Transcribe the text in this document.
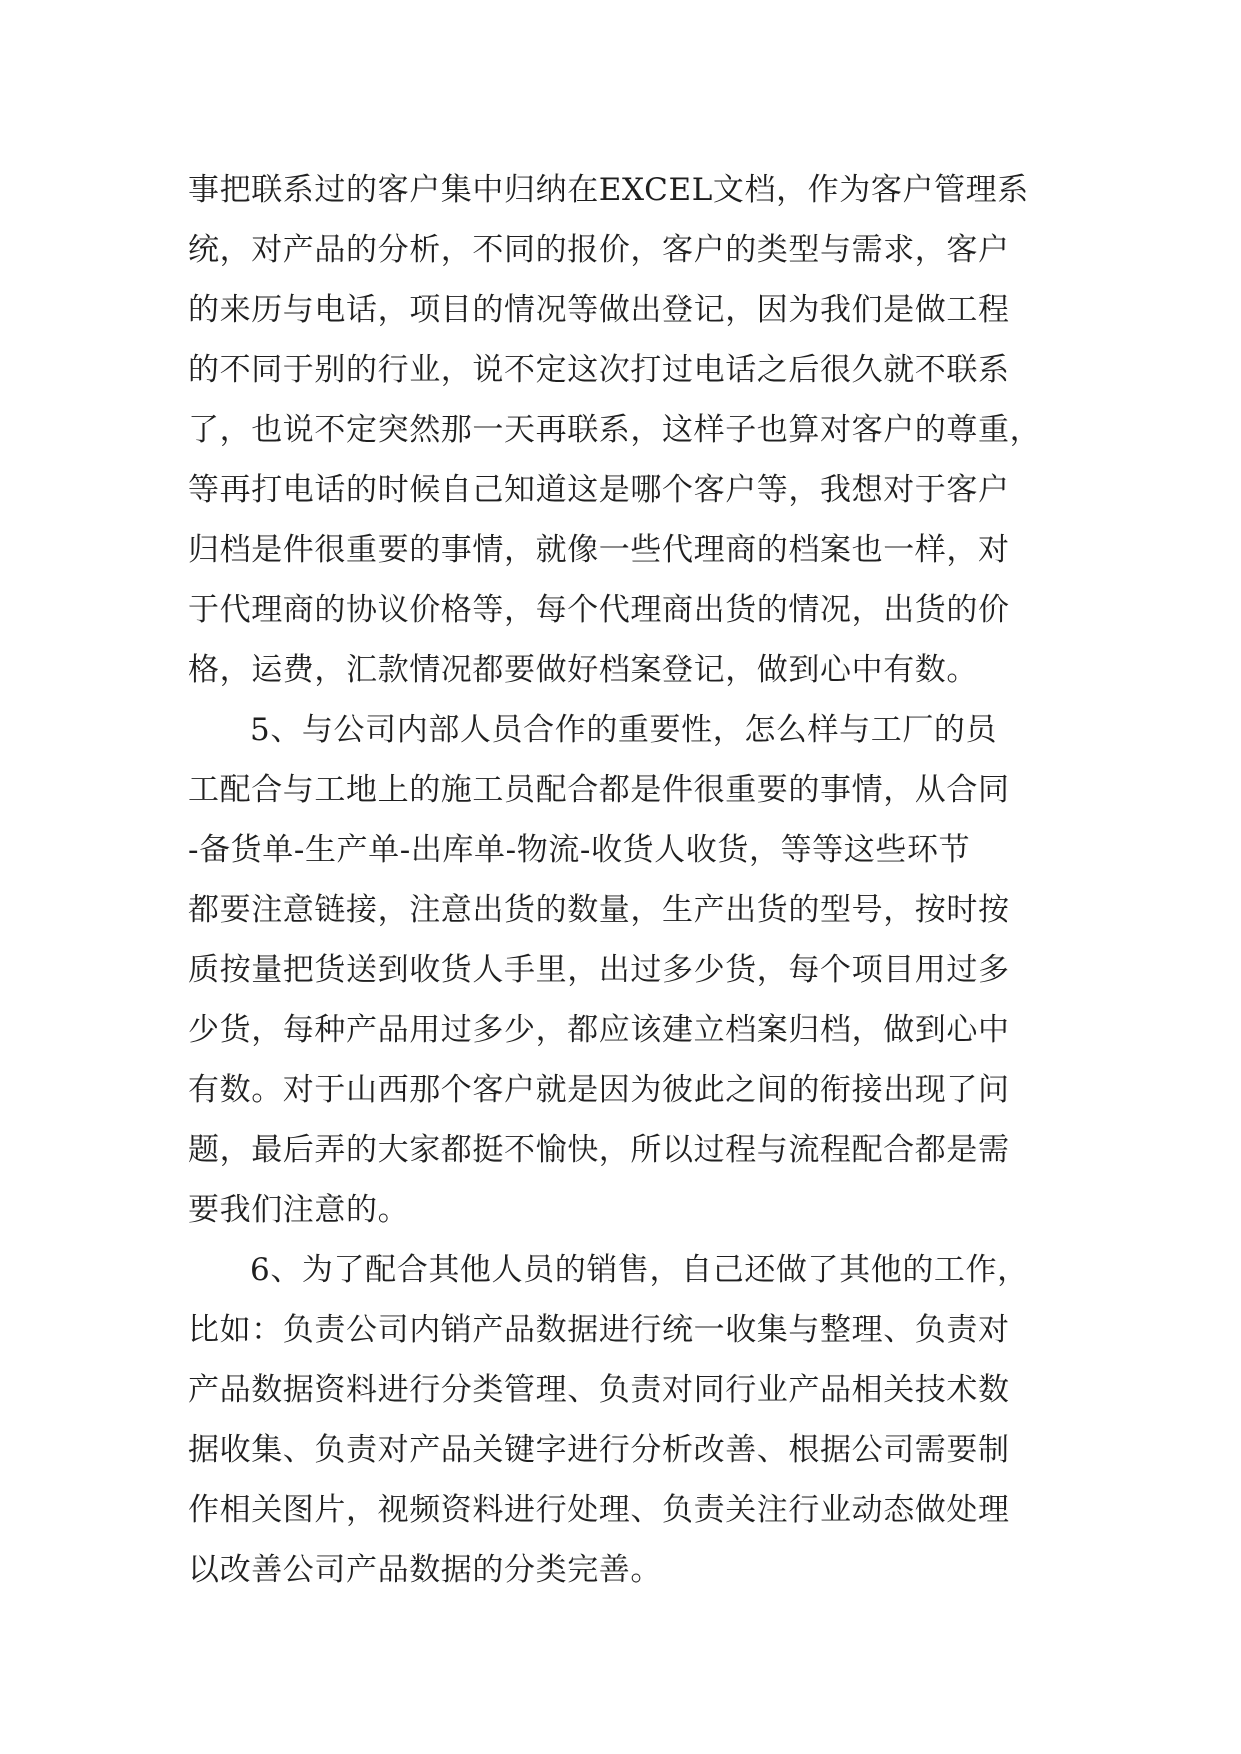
事把联系过的客户集中归纳在EXCEL文档，作为客户管理系
统，对产品的分析，不同的报价，客户的类型与需求，客户
的来历与电话，项目的情况等做出登记，因为我们是做工程
的不同于别的行业，说不定这次打过电话之后很久就不联系
了，也说不定突然那一天再联系，这样子也算对客户的尊重，
等再打电话的时候自己知道这是哪个客户等，我想对于客户
归档是件很重要的事情，就像一些代理商的档案也一样，对
于代理商的协议价格等，每个代理商出货的情况，出货的价
格，运费，汇款情况都要做好档案登记，做到心中有数。
5、与公司内部人员合作的重要性，怎么样与工厂的员
工配合与工地上的施工员配合都是件很重要的事情，从合同
-备货单-生产单-出库单-物流-收货人收货，等等这些环节
都要注意链接，注意出货的数量，生产出货的型号，按时按
质按量把货送到收货人手里，出过多少货，每个项目用过多
少货，每种产品用过多少，都应该建立档案归档，做到心中
有数。对于山西那个客户就是因为彼此之间的衔接出现了问
题，最后弄的大家都挺不愉快，所以过程与流程配合都是需
要我们注意的。
6、为了配合其他人员的销售，自己还做了其他的工作，
比如：负责公司内销产品数据进行统一收集与整理、负责对
产品数据资料进行分类管理、负责对同行业产品相关技术数
据收集、负责对产品关键字进行分析改善、根据公司需要制
作相关图片，视频资料进行处理、负责关注行业动态做处理
以改善公司产品数据的分类完善。
